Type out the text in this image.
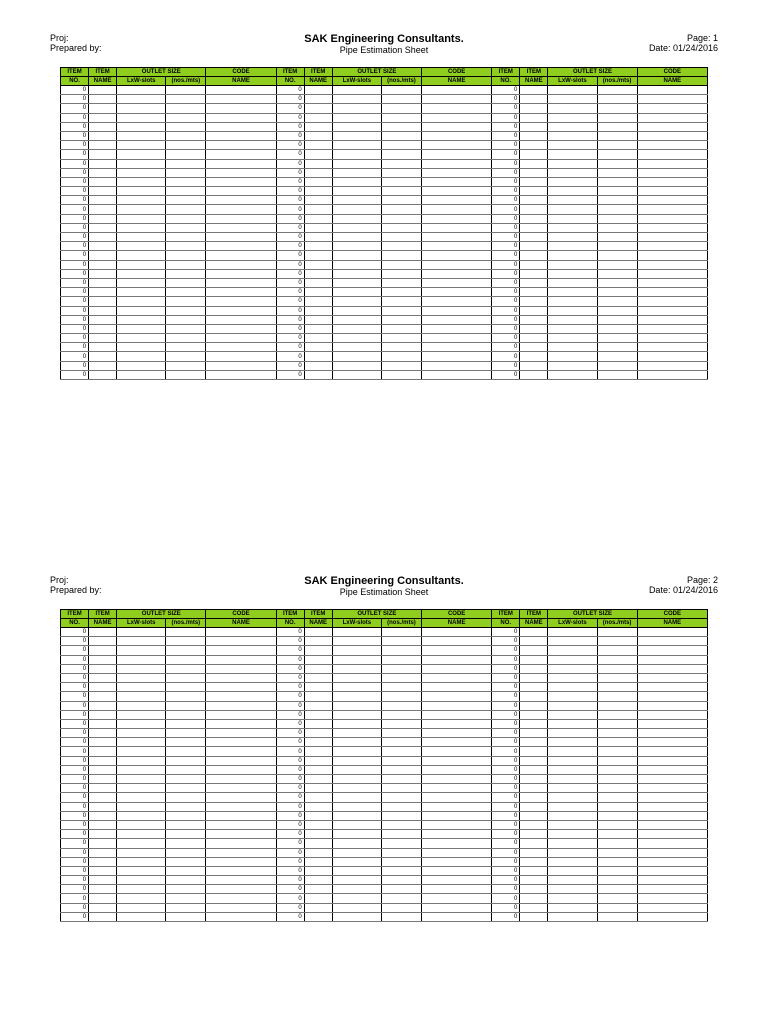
Proj:
Prepared by:
SAK Engineering Consultants.
Pipe Estimation Sheet
Page: 1
Date: 01/24/2016
ITEM	ITEM	OUTLET SIZE		CODE	ITEM	ITEM	OUTLET SIZE		CODE	ITEM	ITEM	OUTLET SIZE		CODE
NO.	NAME	LxW-slots	(nos./mts)	NAME	NO.	NAME	LxW-slots	(nos./mts)	NAME	NO.	NAME	LxW-slots	(nos./mts)	NAME
0					0					0				
0					0					0				
0					0					0				
0					0					0				
0					0					0				
0					0					0				
0					0					0				
0					0					0				
0					0					0				
0					0					0				
0					0					0				
0					0					0				
0					0					0				
0					0					0				
0					0					0				
0					0					0				
0					0					0				
0					0					0				
0					0					0				
0					0					0				
0					0					0				
0					0					0				
0					0					0				
0					0					0				
0					0					0				
0					0					0				
0					0					0				
0					0					0				
0					0					0				
0					0					0				
0					0					0				
0					0					0				
Proj:
Prepared by:
SAK Engineering Consultants.
Pipe Estimation Sheet
Page: 2
Date: 01/24/2016
ITEM	ITEM	OUTLET SIZE		CODE	ITEM	ITEM	OUTLET SIZE		CODE	ITEM	ITEM	OUTLET SIZE		CODE
NO.	NAME	LxW-slots	(nos./mts)	NAME	NO.	NAME	LxW-slots	(nos./mts)	NAME	NO.	NAME	LxW-slots	(nos./mts)	NAME
0					0					0				
0					0					0				
0					0					0				
0					0					0				
0					0					0				
0					0					0				
0					0					0				
0					0					0				
0					0					0				
0					0					0				
0					0					0				
0					0					0				
0					0					0				
0					0					0				
0					0					0				
0					0					0				
0					0					0				
0					0					0				
0					0					0				
0					0					0				
0					0					0				
0					0					0				
0					0					0				
0					0					0				
0					0					0				
0					0					0				
0					0					0				
0					0					0				
0					0					0				
0					0					0				
0					0					0				
0					0					0				
